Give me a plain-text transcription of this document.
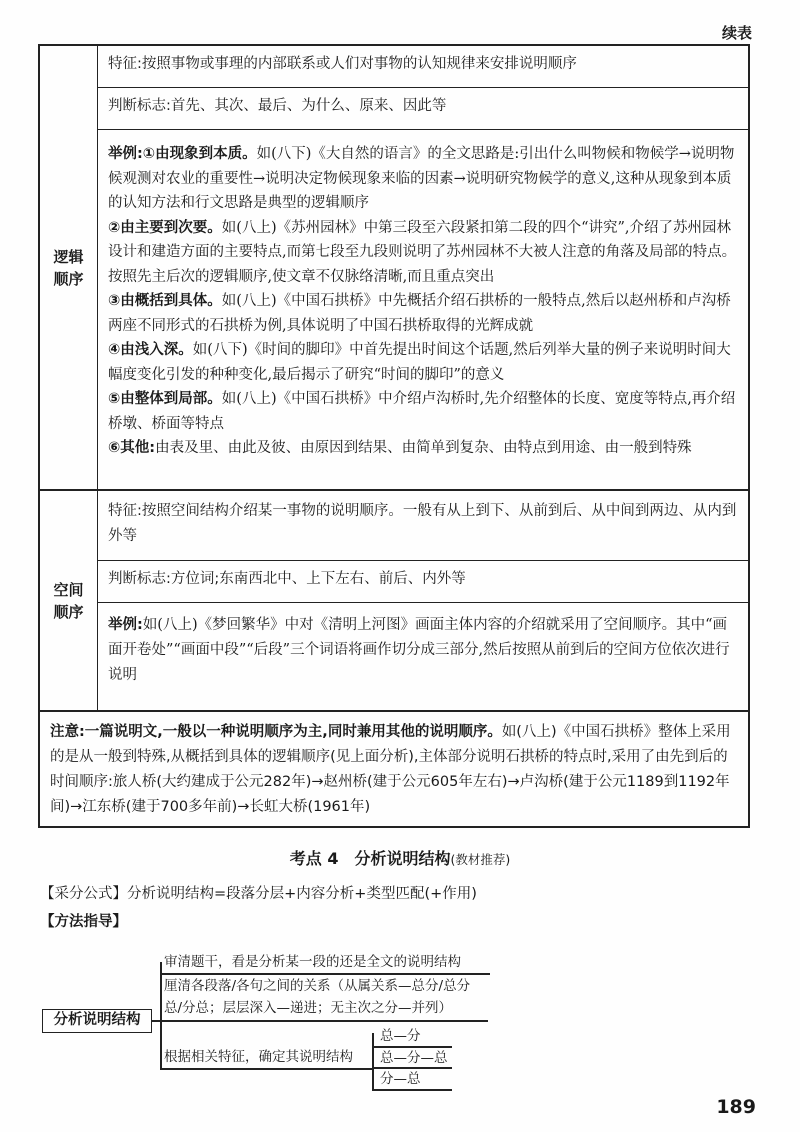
续表
逻辑顺序

特征:按照事物或事理的内部联系或人们对事物的认知规律来安排说明顺序

判断标志:首先、其次、最后、为什么、原来、因此等

举例:①由现象到本质。如(八下)《大自然的语言》的全文思路是:引出什么叫物候和物候学→说明物候观测对农业的重要性→说明决定物候现象来临的因素→说明研究物候学的意义,这种从现象到本质的认知方法和行文思路是典型的逻辑顺序

②由主要到次要。如(八上)《苏州园林》中第三段至六段紧扣第二段的四个“讲究”,介绍了苏州园林设计和建造方面的主要特点,而第七段至九段则说明了苏州园林不大被人注意的角落及局部的特点。按照先主后次的逻辑顺序,使文章不仅脉络清晰,而且重点突出

③由概括到具体。如(八上)《中国石拱桥》中先概括介绍石拱桥的一般特点,然后以赵州桥和卢沟桥两座不同形式的石拱桥为例,具体说明了中国石拱桥取得的光辉成就

④由浅入深。如(八下)《时间的脚印》中首先提出时间这个话题,然后列举大量的例子来说明时间大幅度变化引发的种种变化,最后揭示了研究“时间的脚印”的意义

⑤由整体到局部。如(八上)《中国石拱桥》中介绍卢沟桥时,先介绍整体的长度、宽度等特点,再介绍桥墩、桥面等特点

⑥其他:由表及里、由此及彼、由原因到结果、由简单到复杂、由特点到用途、由一般到特殊

空间顺序

特征:按照空间结构介绍某一事物的说明顺序。一般有从上到下、从前到后、从中间到两边、从内到外等

判断标志:方位词;东南西北中、上下左右、前后、内外等

举例:如(八上)《梦回繁华》中对《清明上河图》画面主体内容的介绍就采用了空间顺序。其中“画面开卷处”“画面中段”“后段”三个词语将画作切分成三部分,然后按照从前到后的空间方位依次进行说明

注意:一篇说明文,一般以一种说明顺序为主,同时兼用其他的说明顺序。如(八上)《中国石拱桥》整体上采用的是从一般到特殊,从概括到具体的逻辑顺序(见上面分析),主体部分说明石拱桥的特点时,采用了由先到后的时间顺序:旅人桥(大约建成于公元282年)→赵州桥(建于公元605年左右)→卢沟桥(建于公元1189到1192年间)→江东桥(建于700多年前)→长虹大桥(1961年)
考点 4　分析说明结构(教材推荐)
【采分公式】分析说明结构=段落分层+内容分析+类型匹配(+作用)
【方法指导】
分析说明结构
审清题干，看是分析某一段的还是全文的说明结构
厘清各段落/各句之间的关系（从属关系—总分/总分
总/分总；层层深入—递进；无主次之分—并列）
根据相关特征，确定其说明结构
总—分
总—分—总
分—总
189
